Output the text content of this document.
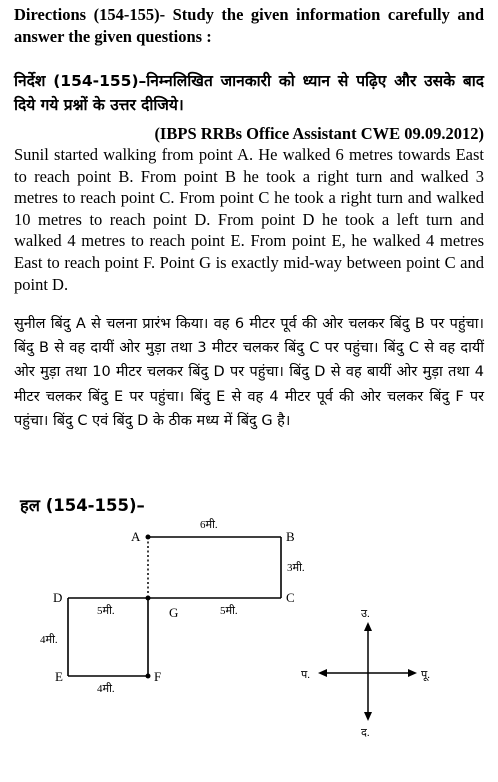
Directions (154-155)- Study the given information carefully and answer the given questions :
निर्देश (154-155)–निम्नलिखित जानकारी को ध्यान से पढ़िए और उसके बाद दिये गये प्रश्नों के उत्तर दीजिये।
(IBPS RRBs Office Assistant CWE 09.09.2012)
Sunil started walking from point A. He walked 6 metres towards East to reach point B. From point B he took a right turn and walked 3 metres to reach point C. From point C he took a right turn and walked 10 metres to reach point D. From point D he took a left turn and walked 4 metres to reach point E. From point E, he walked 4 metres East to reach point F. Point G is exactly mid-way between point C and point D.
सुनील बिंदु A से चलना प्रारंभ किया। वह 6 मीटर पूर्व की ओर चलकर बिंदु B पर पहुंचा। बिंदु B से वह दायीं ओर मुड़ा तथा 3 मीटर चलकर बिंदु C पर पहुंचा। बिंदु C से वह दायीं ओर मुड़ा तथा 10 मीटर चलकर बिंदु D पर पहुंचा। बिंदु D से वह बायीं ओर मुड़ा तथा 4 मीटर चलकर बिंदु E पर पहुंचा। बिंदु E से वह 4 मीटर पूर्व की ओर चलकर बिंदु F पर पहुंचा। बिंदु C एवं बिंदु D के ठीक मध्य में बिंदु G है।
हल (154-155)–
A	B
C
D
E	F
G
6मी.
3मी.
5मी.	5मी.
4मी.
4मी.
उ.
द.
पू.
प.
